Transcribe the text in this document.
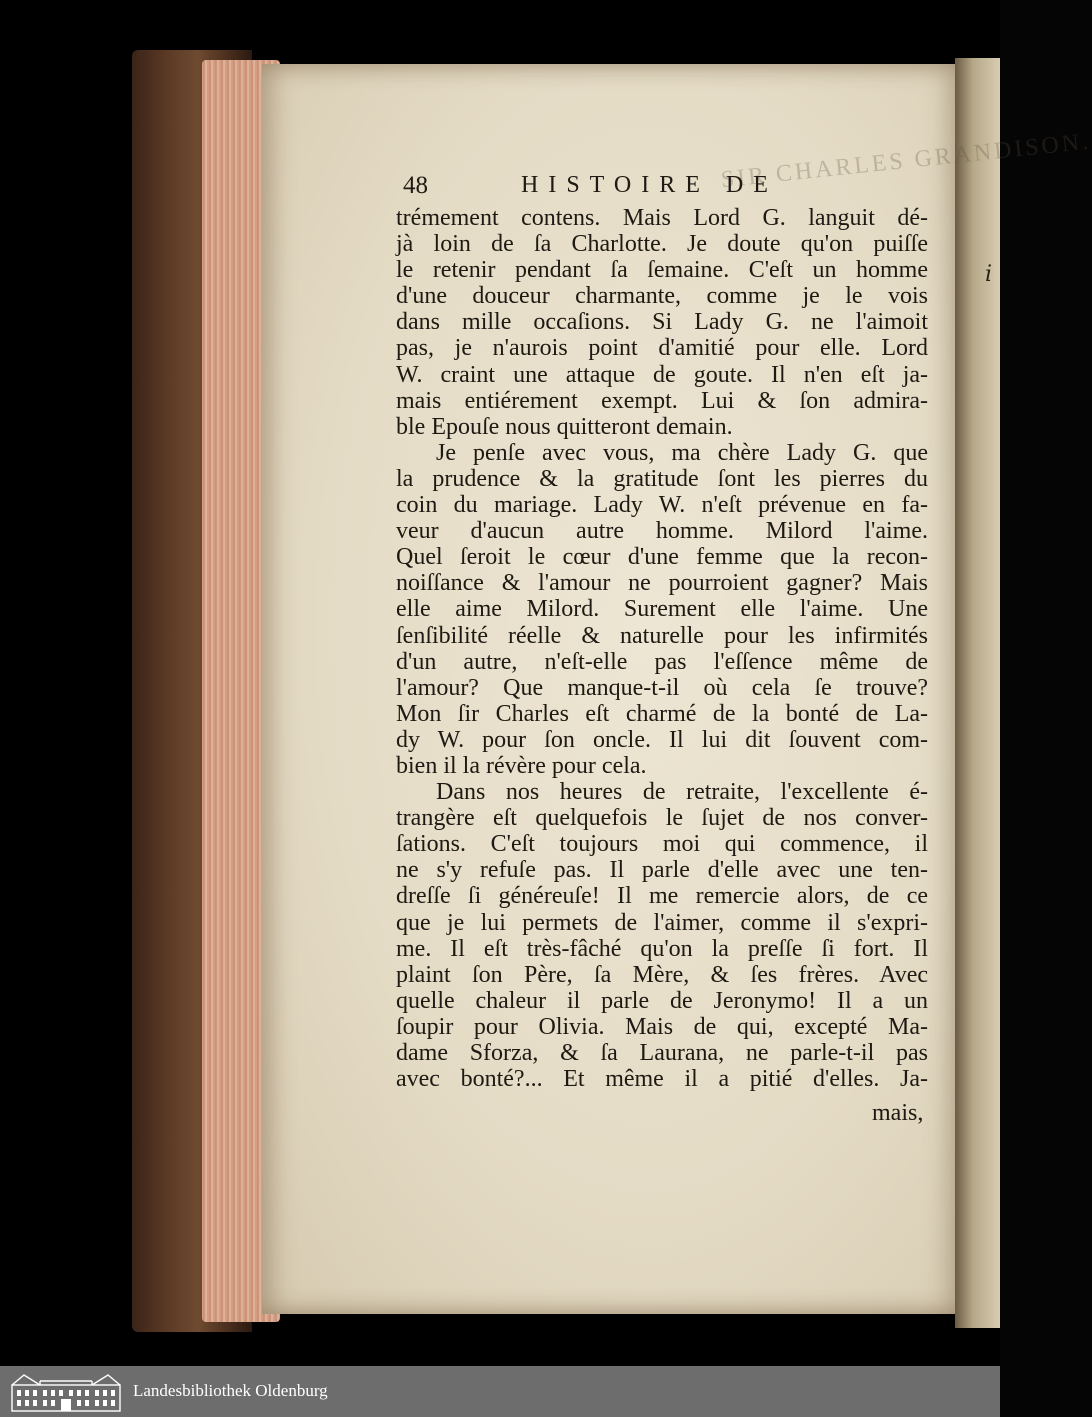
i
SIR CHARLES GRANDISON.
48	HISTOIRE DE
trémement contens. Mais Lord G. languit dé-
jà loin de ſa Charlotte. Je doute qu'on puiſſe
le retenir pendant ſa ſemaine. C'eſt un homme
d'une douceur charmante, comme je le vois
dans mille occaſions. Si Lady G. ne l'aimoit
pas, je n'aurois point d'amitié pour elle. Lord
W. craint une attaque de goute. Il n'en eſt ja-
mais entiérement exempt. Lui & ſon admira-
ble Epouſe nous quitteront demain.
Je penſe avec vous, ma chère Lady G. que
la prudence & la gratitude ſont les pierres du
coin du mariage. Lady W. n'eſt prévenue en fa-
veur d'aucun autre homme. Milord l'aime.
Quel ſeroit le cœur d'une femme que la recon-
noiſſance & l'amour ne pourroient gagner? Mais
elle aime Milord. Surement elle l'aime. Une
ſenſibilité réelle & naturelle pour les infirmités
d'un autre, n'eſt-elle pas l'eſſence même de
l'amour? Que manque-t-il où cela ſe trouve?
Mon ſir Charles eſt charmé de la bonté de La-
dy W. pour ſon oncle. Il lui dit ſouvent com-
bien il la révère pour cela.
Dans nos heures de retraite, l'excellente é-
trangère eſt quelquefois le ſujet de nos conver-
ſations. C'eſt toujours moi qui commence, il
ne s'y refuſe pas. Il parle d'elle avec une ten-
dreſſe ſi généreuſe! Il me remercie alors, de ce
que je lui permets de l'aimer, comme il s'expri-
me. Il eſt très-fâché qu'on la preſſe ſi fort. Il
plaint ſon Père, ſa Mère, & ſes frères. Avec
quelle chaleur il parle de Jeronymo! Il a un
ſoupir pour Olivia. Mais de qui, excepté Ma-
dame Sforza, & ſa Laurana, ne parle-t-il pas
avec bonté?... Et même il a pitié d'elles. Ja-
mais,
Landesbibliothek Oldenburg
